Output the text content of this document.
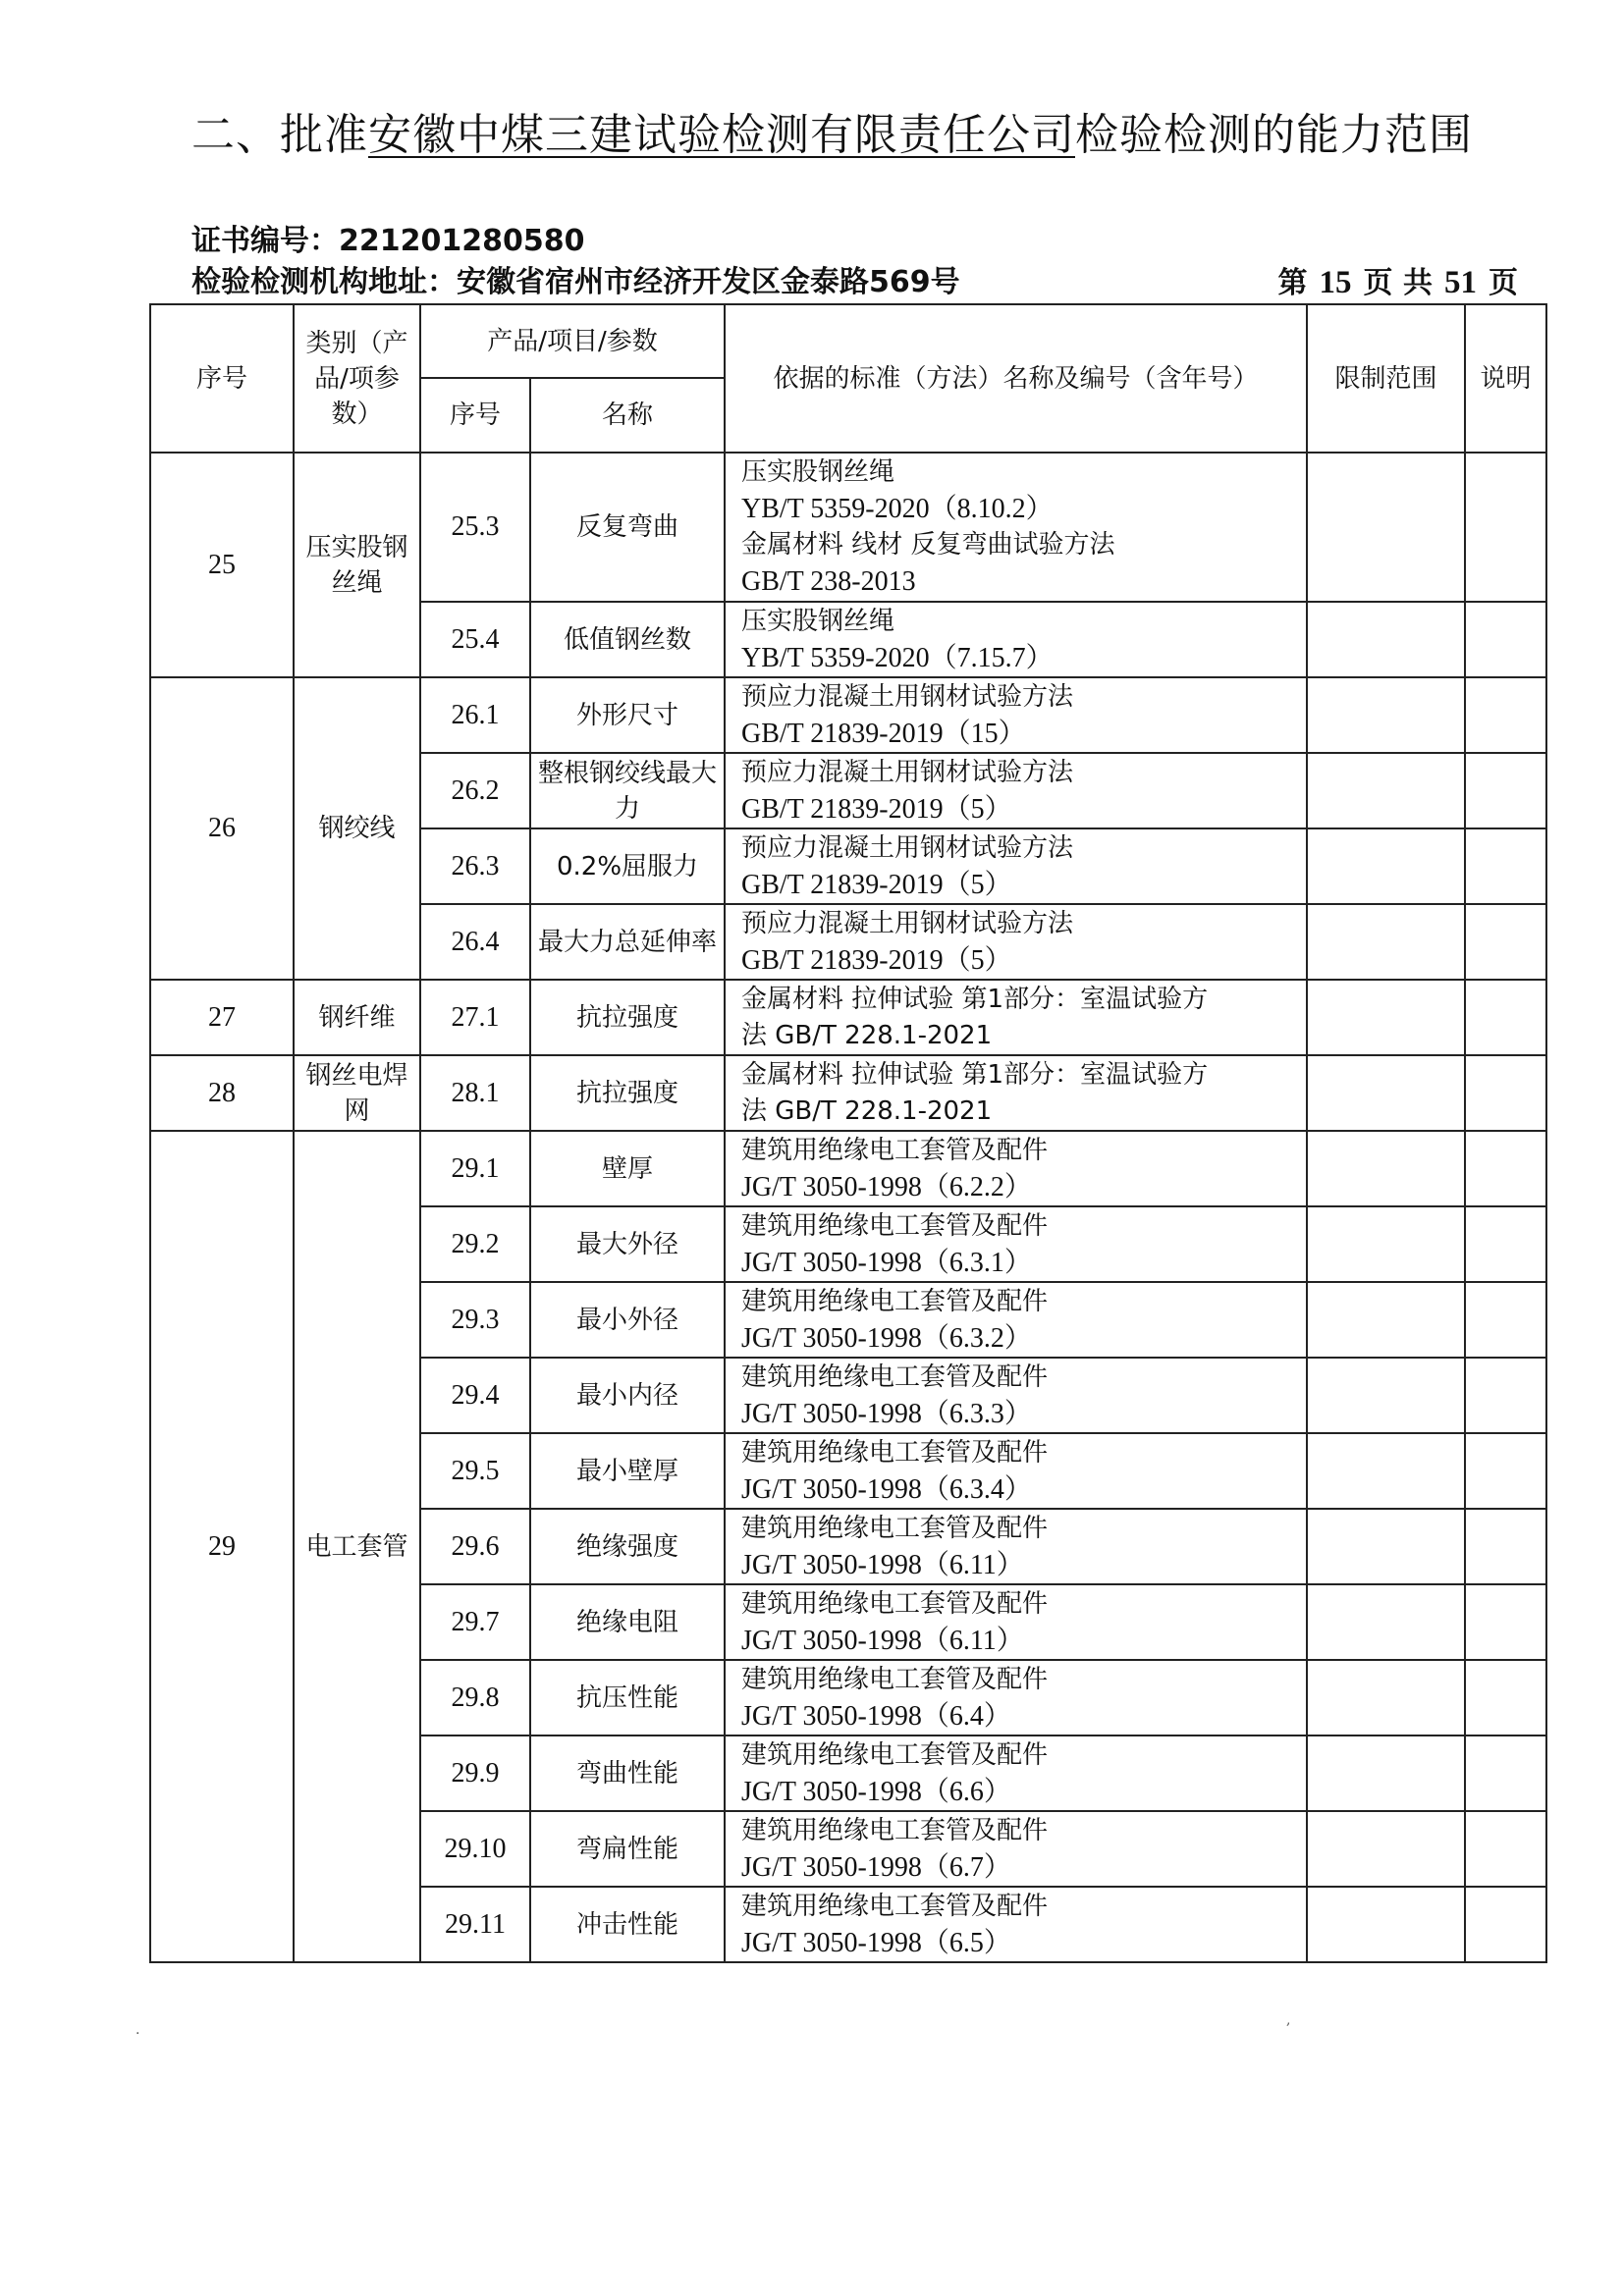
二、批准安徽中煤三建试验检测有限责任公司检验检测的能力范围
证书编号：221201280580
检验检测机构地址：安徽省宿州市经济开发区金泰路569号	第 15 页 共 51 页
序号	类别（产品/项参数）	产品/项目/参数		依据的标准（方法）名称及编号（含年号）	限制范围	说明
		序号	名称			
25	压实股钢丝绳	25.3	反复弯曲	压实股钢丝绳
YB/T 5359-2020（8.10.2）
金属材料 线材 反复弯曲试验方法
GB/T 238-2013		

		25.4	低值钢丝数	压实股钢丝绳
YB/T 5359-2020（7.15.7）		

26	钢绞线	26.1	外形尺寸	预应力混凝土用钢材试验方法
GB/T 21839-2019（15）		

		26.2	整根钢绞线最大力	预应力混凝土用钢材试验方法
GB/T 21839-2019（5）		

		26.3	0.2%屈服力	预应力混凝土用钢材试验方法
GB/T 21839-2019（5）		

		26.4	最大力总延伸率	预应力混凝土用钢材试验方法
GB/T 21839-2019（5）		

27	钢纤维	27.1	抗拉强度	金属材料 拉伸试验 第1部分：室温试验方
法 GB/T 228.1-2021		

28	钢丝电焊网	28.1	抗拉强度	金属材料 拉伸试验 第1部分：室温试验方
法 GB/T 228.1-2021		

29	电工套管	29.1	壁厚	建筑用绝缘电工套管及配件
JG/T 3050-1998（6.2.2）		

		29.2	最大外径	建筑用绝缘电工套管及配件
JG/T 3050-1998（6.3.1）		

		29.3	最小外径	建筑用绝缘电工套管及配件
JG/T 3050-1998（6.3.2）		

		29.4	最小内径	建筑用绝缘电工套管及配件
JG/T 3050-1998（6.3.3）		

		29.5	最小壁厚	建筑用绝缘电工套管及配件
JG/T 3050-1998（6.3.4）		

		29.6	绝缘强度	建筑用绝缘电工套管及配件
JG/T 3050-1998（6.11）		

		29.7	绝缘电阻	建筑用绝缘电工套管及配件
JG/T 3050-1998（6.11）		

		29.8	抗压性能	建筑用绝缘电工套管及配件
JG/T 3050-1998（6.4）		

		29.9	弯曲性能	建筑用绝缘电工套管及配件
JG/T 3050-1998（6.6）		

		29.10	弯扁性能	建筑用绝缘电工套管及配件
JG/T 3050-1998（6.7）		

		29.11	冲击性能	建筑用绝缘电工套管及配件
JG/T 3050-1998（6.5）		

.
,
